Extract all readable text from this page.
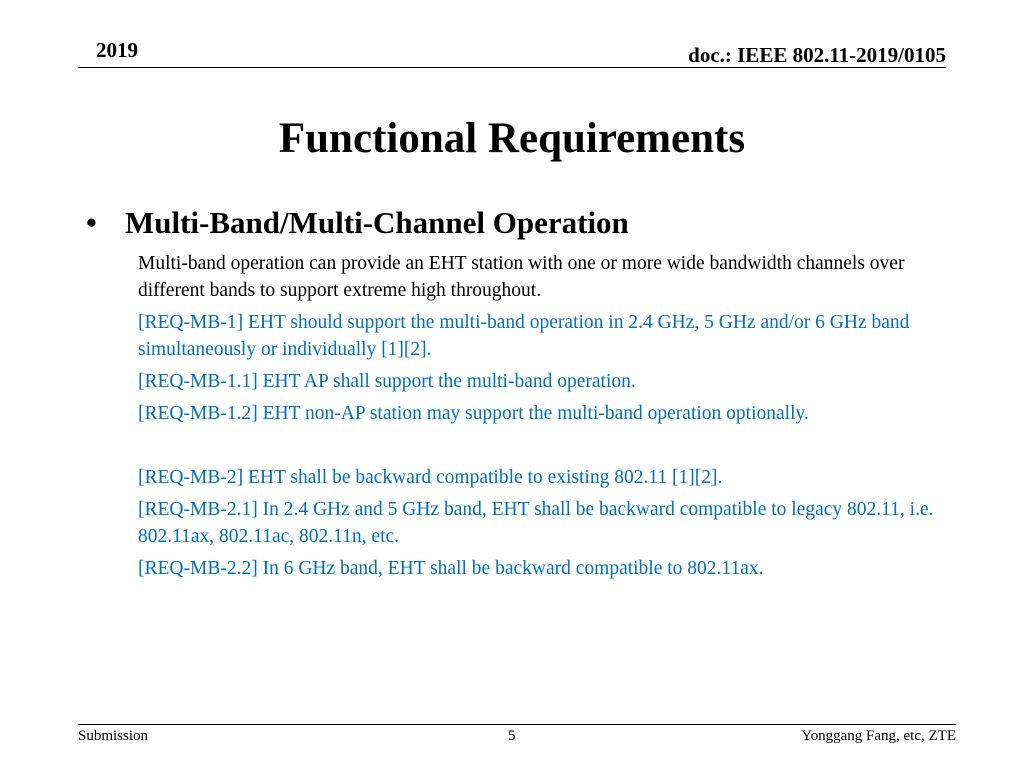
2019	doc.: IEEE 802.11-2019/0105
Functional Requirements
• Multi-Band/Multi-Channel Operation

Multi-band operation can provide an EHT station with one or more wide bandwidth channels over different bands to support extreme high throughout.

[REQ-MB-1] EHT should support the multi-band operation in 2.4 GHz, 5 GHz and/or 6 GHz band simultaneously or individually [1][2].

[REQ-MB-1.1] EHT AP shall support the multi-band operation.

[REQ-MB-1.2] EHT non-AP station may support the multi-band operation optionally.

[REQ-MB-2] EHT shall be backward compatible to existing 802.11 [1][2].

[REQ-MB-2.1] In 2.4 GHz and 5 GHz band, EHT shall be backward compatible to legacy 802.11, i.e. 802.11ax, 802.11ac, 802.11n, etc.

[REQ-MB-2.2] In 6 GHz band, EHT shall be backward compatible to 802.11ax.

Submission	5	Yonggang Fang, etc, ZTE
